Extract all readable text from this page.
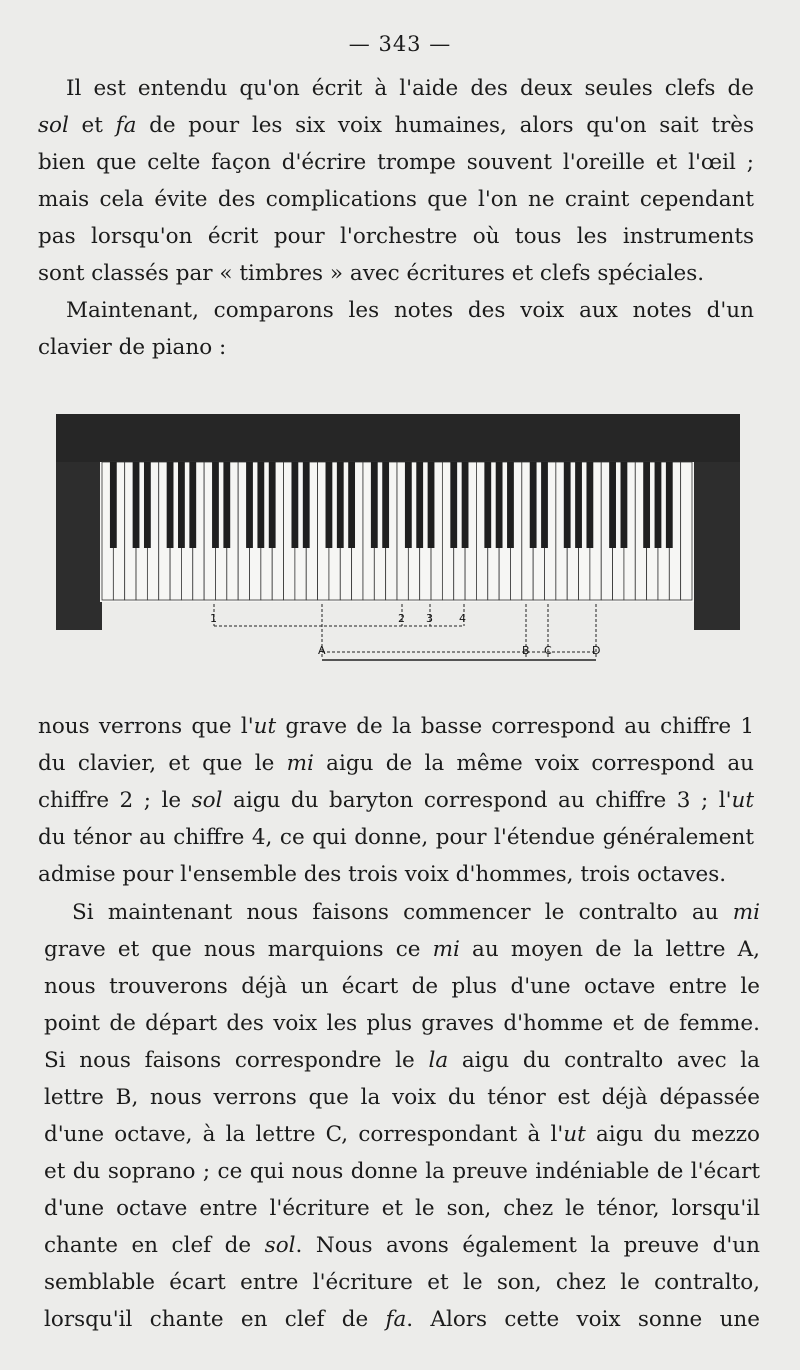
— 343 —

Il est entendu qu'on écrit à l'aide des deux seules clefs de
sol et fa de pour les six voix humaines, alors qu'on sait très
bien que celte façon d'écrire trompe souvent l'oreille et l'œil ;
mais cela évite des complications que l'on ne craint cependant
pas lorsqu'on écrit pour l'orchestre où tous les instruments
sont classés par « timbres » avec écritures et clefs spéciales.

Maintenant, comparons les notes des voix aux notes d'un
clavier de piano :

1	2 3 4
A	B C	D

nous verrons que l'ut grave de la basse correspond au chiffre 1
du clavier, et que le mi aigu de la même voix correspond au
chiffre 2 ; le sol aigu du baryton correspond au chiffre 3 ; l'ut
du ténor au chiffre 4, ce qui donne, pour l'étendue généralement
admise pour l'ensemble des trois voix d'hommes, trois octaves.

Si maintenant nous faisons commencer le contralto au mi
grave et que nous marquions ce mi au moyen de la lettre A,
nous trouverons déjà un écart de plus d'une octave entre le
point de départ des voix les plus graves d'homme et de femme.
Si nous faisons correspondre le la aigu du contralto avec la
lettre B, nous verrons que la voix du ténor est déjà dépassée
d'une octave, à la lettre C, correspondant à l'ut aigu du mezzo
et du soprano ; ce qui nous donne la preuve indéniable de l'écart
d'une octave entre l'écriture et le son, chez le ténor, lorsqu'il
chante en clef de sol. Nous avons également la preuve d'un
semblable écart entre l'écriture et le son, chez le contralto,
lorsqu'il chante en clef de fa. Alors cette voix sonne une
